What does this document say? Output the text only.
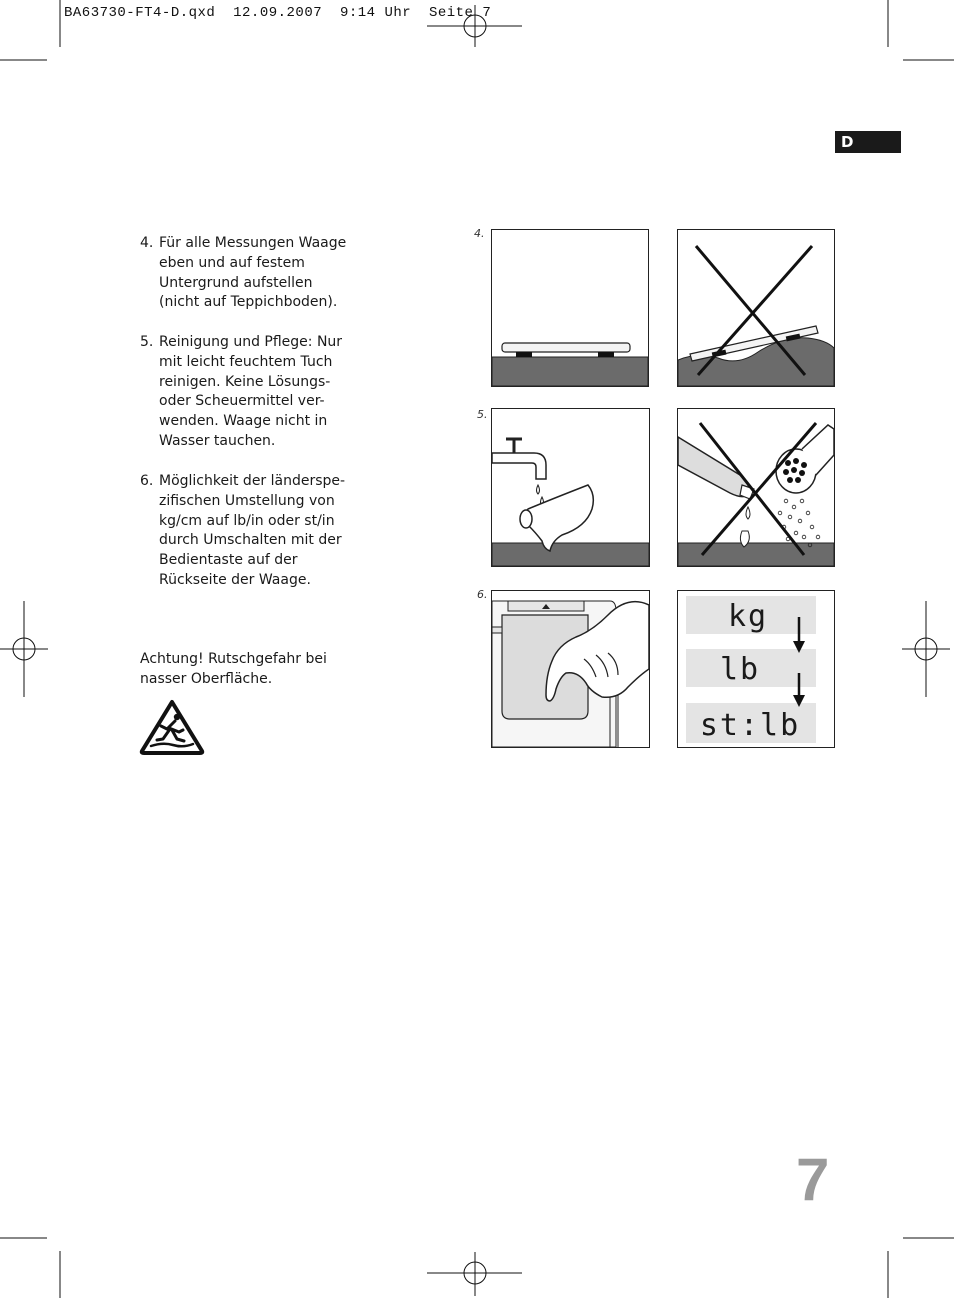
BA63730-FT4-D.qxd  12.09.2007  9:14 Uhr  Seite 7
D
4. Für alle Messungen Waage
eben und auf festem
Untergrund aufstellen
(nicht auf Teppichboden).
5. Reinigung und Pflege: Nur
mit leicht feuchtem Tuch
reinigen. Keine Lösungs-
oder Scheuermittel ver-
wenden. Waage nicht in
Wasser tauchen.
6. Möglichkeit der länderspe-
zifischen Umstellung von
kg/cm auf lb/in oder st/in
durch Umschalten mit der
Bedientaste auf der
Rückseite der Waage.
Achtung! Rutschgefahr bei
nasser Oberfläche.
4.
5.
6.
kg
lb
st:lb
7
